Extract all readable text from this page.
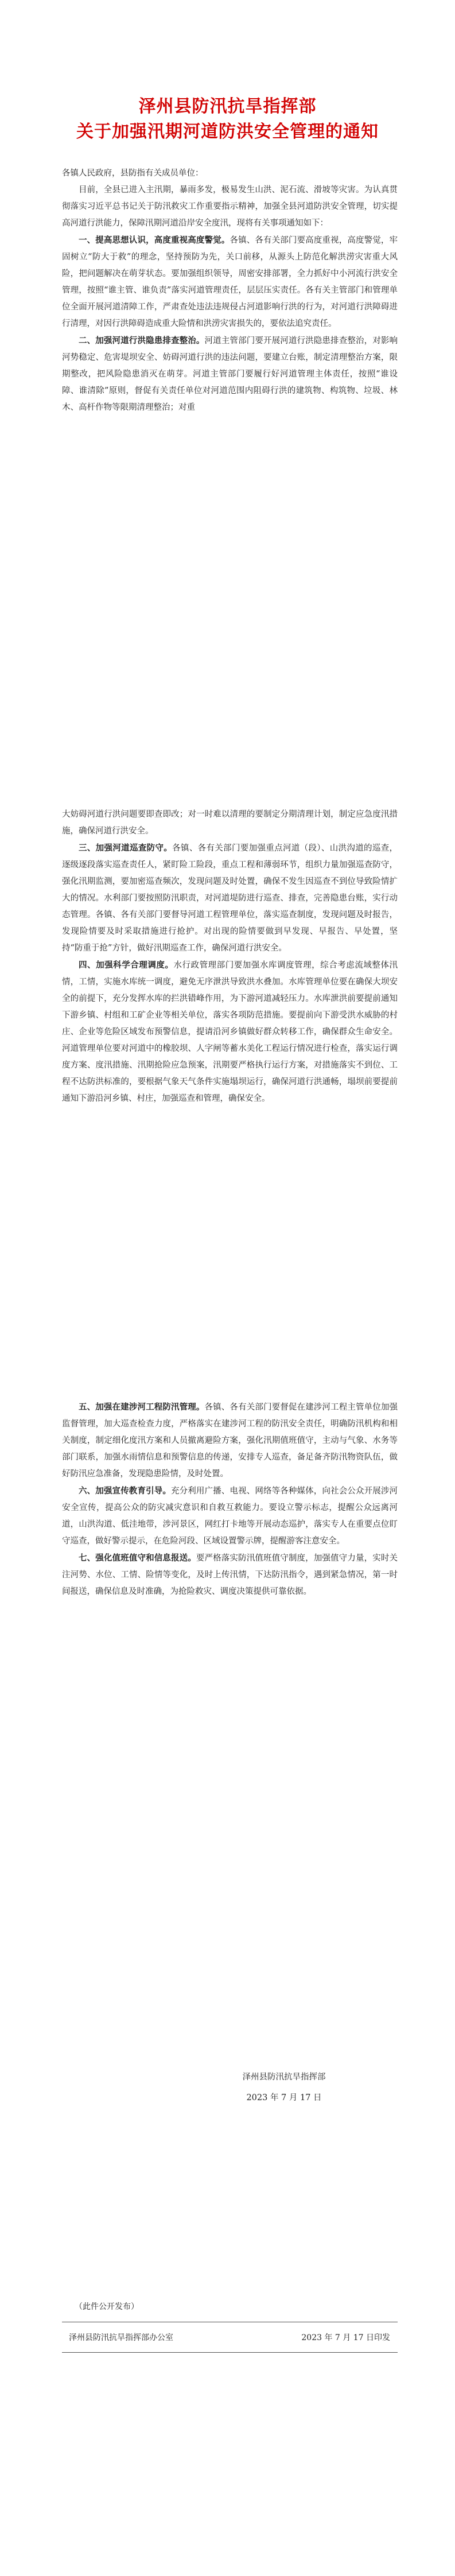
泽州县防汛抗旱指挥部
关于加强汛期河道防洪安全管理的通知

各镇人民政府，县防指有关成员单位：

目前，全县已进入主汛期，暴雨多发，极易发生山洪、泥石流、滑坡等灾害。为认真贯彻落实习近平总书记关于防汛救灾工作重要指示精神，加强全县河道防洪安全管理，切实提高河道行洪能力，保障汛期河道沿岸安全度汛，现将有关事项通知如下：

一、提高思想认识，高度重视高度警觉。各镇、各有关部门要高度重视，高度警觉，牢固树立“防大于救”的理念，坚持预防为先，关口前移，从源头上防范化解洪涝灾害重大风险，把问题解决在萌芽状态。要加强组织领导，周密安排部署，全力抓好中小河流行洪安全管理，按照“谁主管、谁负责”落实河道管理责任，层层压实责任。各有关主管部门和管理单位全面开展河道清障工作，严肃查处违法违规侵占河道影响行洪的行为，对河道行洪障碍进行清理，对因行洪障碍造成重大险情和洪涝灾害损失的，要依法追究责任。

二、加强河道行洪隐患排查整治。河道主管部门要开展河道行洪隐患排查整治，对影响河势稳定、危害堤坝安全、妨碍河道行洪的违法问题，要建立台账，制定清理整治方案，限期整改，把风险隐患消灭在萌芽。河道主管部门要履行好河道管理主体责任，按照“谁设障、谁清除”原则，督促有关责任单位对河道范围内阻碍行洪的建筑物、构筑物、垃圾、林木、高杆作物等限期清理整治；对重

大妨碍河道行洪问题要即查即改；对一时难以清理的要制定分期清理计划，制定应急度汛措施，确保河道行洪安全。

三、加强河道巡查防守。各镇、各有关部门要加强重点河道（段）、山洪沟道的巡查，逐级逐段落实巡查责任人，紧盯险工险段，重点工程和薄弱环节，组织力量加强巡查防守，强化汛期监测，要加密巡查频次，发现问题及时处置，确保不发生因巡查不到位导致险情扩大的情况。水利部门要按照防汛职责，对河道堤防进行巡查、排查，完善隐患台账，实行动态管理。各镇、各有关部门要督导河道工程管理单位，落实巡查制度，发现问题及时报告，发现险情要及时采取措施进行抢护。对出现的险情要做到早发现、早报告、早处置，坚持“防重于抢”方针，做好汛期巡查工作，确保河道行洪安全。

四、加强科学合理调度。水行政管理部门要加强水库调度管理，综合考虑流域整体汛情，工情，实施水库统一调度，避免无序泄洪导致洪水叠加。水库管理单位要在确保大坝安全的前提下，充分发挥水库的拦洪错峰作用，为下游河道减轻压力。水库泄洪前要提前通知下游乡镇、村组和工矿企业等相关单位，落实各项防范措施。要提前向下游受洪水威胁的村庄、企业等危险区域发布预警信息，提请沿河乡镇做好群众转移工作，确保群众生命安全。河道管理单位要对河道中的橡胶坝、人字闸等蓄水美化工程运行情况进行检查，落实运行调度方案、度汛措施、汛期抢险应急预案，汛期要严格执行运行方案，对措施落实不到位、工程不达防洪标准的，要根据气象天气条件实施塌坝运行，确保河道行洪通畅，塌坝前要提前通知下游沿河乡镇、村庄，加强巡查和管理，确保安全。

五、加强在建涉河工程防汛管理。各镇、各有关部门要督促在建涉河工程主管单位加强监督管理，加大巡查检查力度，严格落实在建涉河工程的防汛安全责任，明确防汛机构和相关制度，制定细化度汛方案和人员撤离避险方案，强化汛期值班值守，主动与气象、水务等部门联系，加强水雨情信息和预警信息的传递，安排专人巡查，备足备齐防汛物资队伍，做好防汛应急准备，发现隐患险情，及时处置。

六、加强宣传教育引导。充分利用广播、电视、网络等各种媒体，向社会公众开展涉河安全宣传，提高公众的防灾减灾意识和自救互救能力。要设立警示标志，提醒公众远离河道，山洪沟道、低洼地带，涉河景区，网红打卡地等开展动态巡护，落实专人在重要点位盯守巡查，做好警示提示，在危险河段、区域设置警示牌，提醒游客注意安全。

七、强化值班值守和信息报送。要严格落实防汛值班值守制度，加强值守力量，实时关注河势、水位、工情、险情等变化，及时上传汛情，下达防汛指令，遇到紧急情况，第一时间报送，确保信息及时准确，为抢险救灾、调度决策提供可靠依据。

泽州县防汛抗旱指挥部
2023 年 7 月 17 日
（此件公开发布）
泽州县防汛抗旱指挥部办公室	2023 年 7 月 17 日印发
